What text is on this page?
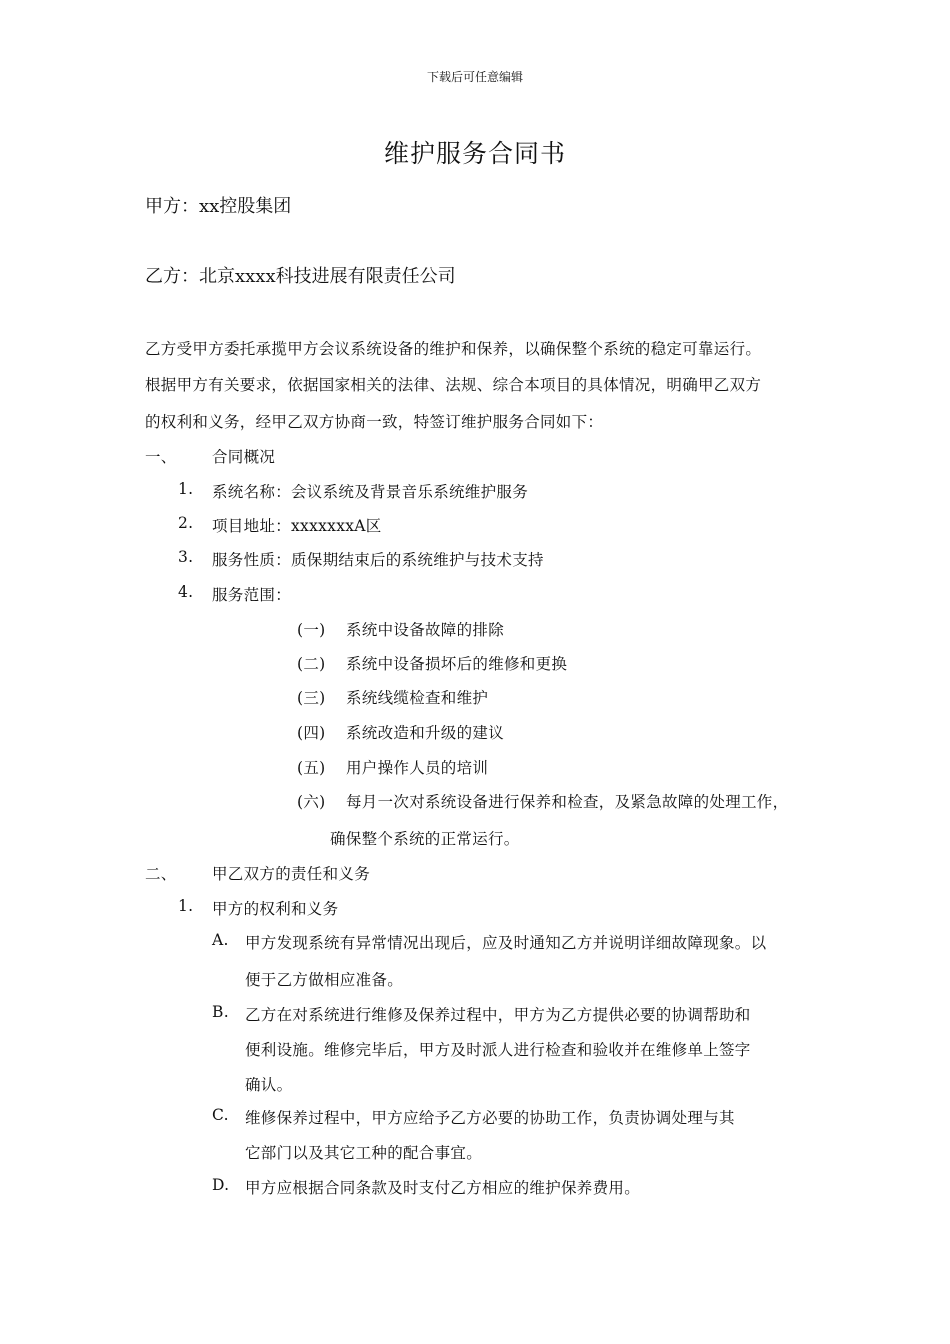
下载后可任意编辑
维护服务合同书
甲方：xx控股集团
乙方：北京xxxx科技进展有限责任公司
乙方受甲方委托承揽甲方会议系统设备的维护和保养，以确保整个系统的稳定可靠运行。
根据甲方有关要求，依据国家相关的法律、法规、综合本项目的具体情况，明确甲乙双方
的权利和义务，经甲乙双方协商一致，特签订维护服务合同如下：
一、 合同概况
1. 系统名称：会议系统及背景音乐系统维护服务
2. 项目地址：xxxxxxxA区
3. 服务性质：质保期结束后的系统维护与技术支持
4. 服务范围：
(一) 系统中设备故障的排除
(二) 系统中设备损坏后的维修和更换
(三) 系统线缆检查和维护
(四) 系统改造和升级的建议
(五) 用户操作人员的培训
(六) 每月一次对系统设备进行保养和检查，及紧急故障的处理工作，
确保整个系统的正常运行。
二、 甲乙双方的责任和义务
1. 甲方的权利和义务
A. 甲方发现系统有异常情况出现后，应及时通知乙方并说明详细故障现象。以
便于乙方做相应准备。
B. 乙方在对系统进行维修及保养过程中，甲方为乙方提供必要的协调帮助和
便利设施。维修完毕后，甲方及时派人进行检查和验收并在维修单上签字
确认。
C. 维修保养过程中，甲方应给予乙方必要的协助工作，负责协调处理与其
它部门以及其它工种的配合事宜。
D. 甲方应根据合同条款及时支付乙方相应的维护保养费用。
